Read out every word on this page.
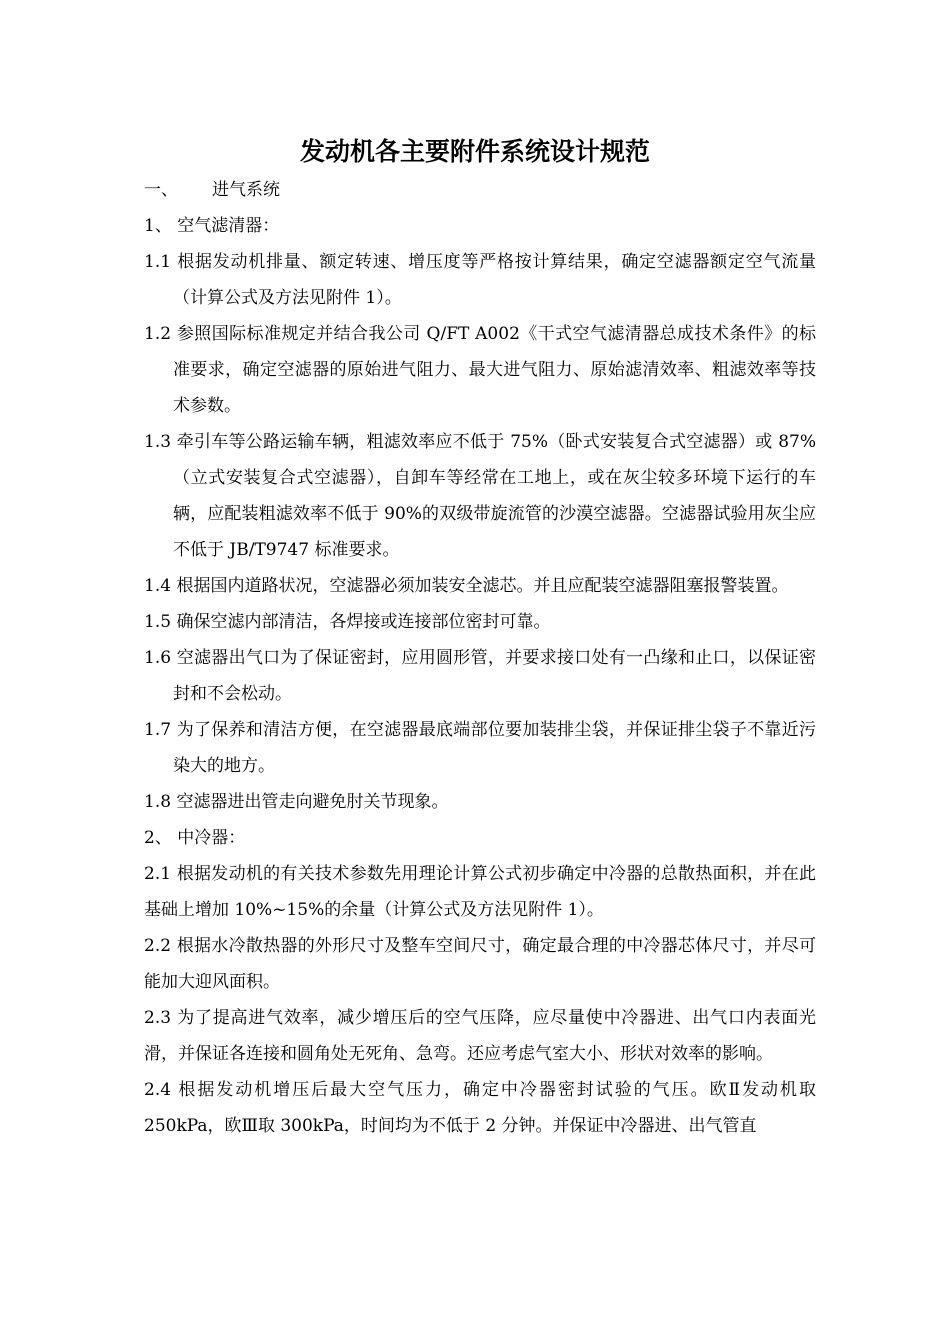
发动机各主要附件系统设计规范
一、	进气系统

1、 空气滤清器：

1.1 根据发动机排量、额定转速、增压度等严格按计算结果，确定空滤器额定空气流量（计算公式及方法见附件 1）。

1.2 参照国际标准规定并结合我公司 Q/FT A002《干式空气滤清器总成技术条件》的标准要求，确定空滤器的原始进气阻力、最大进气阻力、原始滤清效率、粗滤效率等技术参数。

1.3 牵引车等公路运输车辆，粗滤效率应不低于 75%（卧式安装复合式空滤器）或 87%（立式安装复合式空滤器），自卸车等经常在工地上，或在灰尘较多环境下运行的车辆，应配装粗滤效率不低于 90%的双级带旋流管的沙漠空滤器。空滤器试验用灰尘应不低于 JB/T9747 标准要求。

1.4 根据国内道路状况，空滤器必须加装安全滤芯。并且应配装空滤器阻塞报警装置。

1.5 确保空滤内部清洁，各焊接或连接部位密封可靠。

1.6 空滤器出气口为了保证密封，应用圆形管，并要求接口处有一凸缘和止口，以保证密封和不会松动。

1.7 为了保养和清洁方便，在空滤器最底端部位要加装排尘袋，并保证排尘袋子不靠近污染大的地方。

1.8 空滤器进出管走向避免肘关节现象。

2、 中冷器：

2.1 根据发动机的有关技术参数先用理论计算公式初步确定中冷器的总散热面积，并在此基础上增加 10%~15%的余量（计算公式及方法见附件 1）。

2.2 根据水冷散热器的外形尺寸及整车空间尺寸，确定最合理的中冷器芯体尺寸，并尽可能加大迎风面积。

2.3 为了提高进气效率，减少增压后的空气压降，应尽量使中冷器进、出气口内表面光滑，并保证各连接和圆角处无死角、急弯。还应考虑气室大小、形状对效率的影响。

2.4 根据发动机增压后最大空气压力，确定中冷器密封试验的气压。欧Ⅱ发动机取 250kPa，欧Ⅲ取 300kPa，时间均为不低于 2 分钟。并保证中冷器进、出气管直
